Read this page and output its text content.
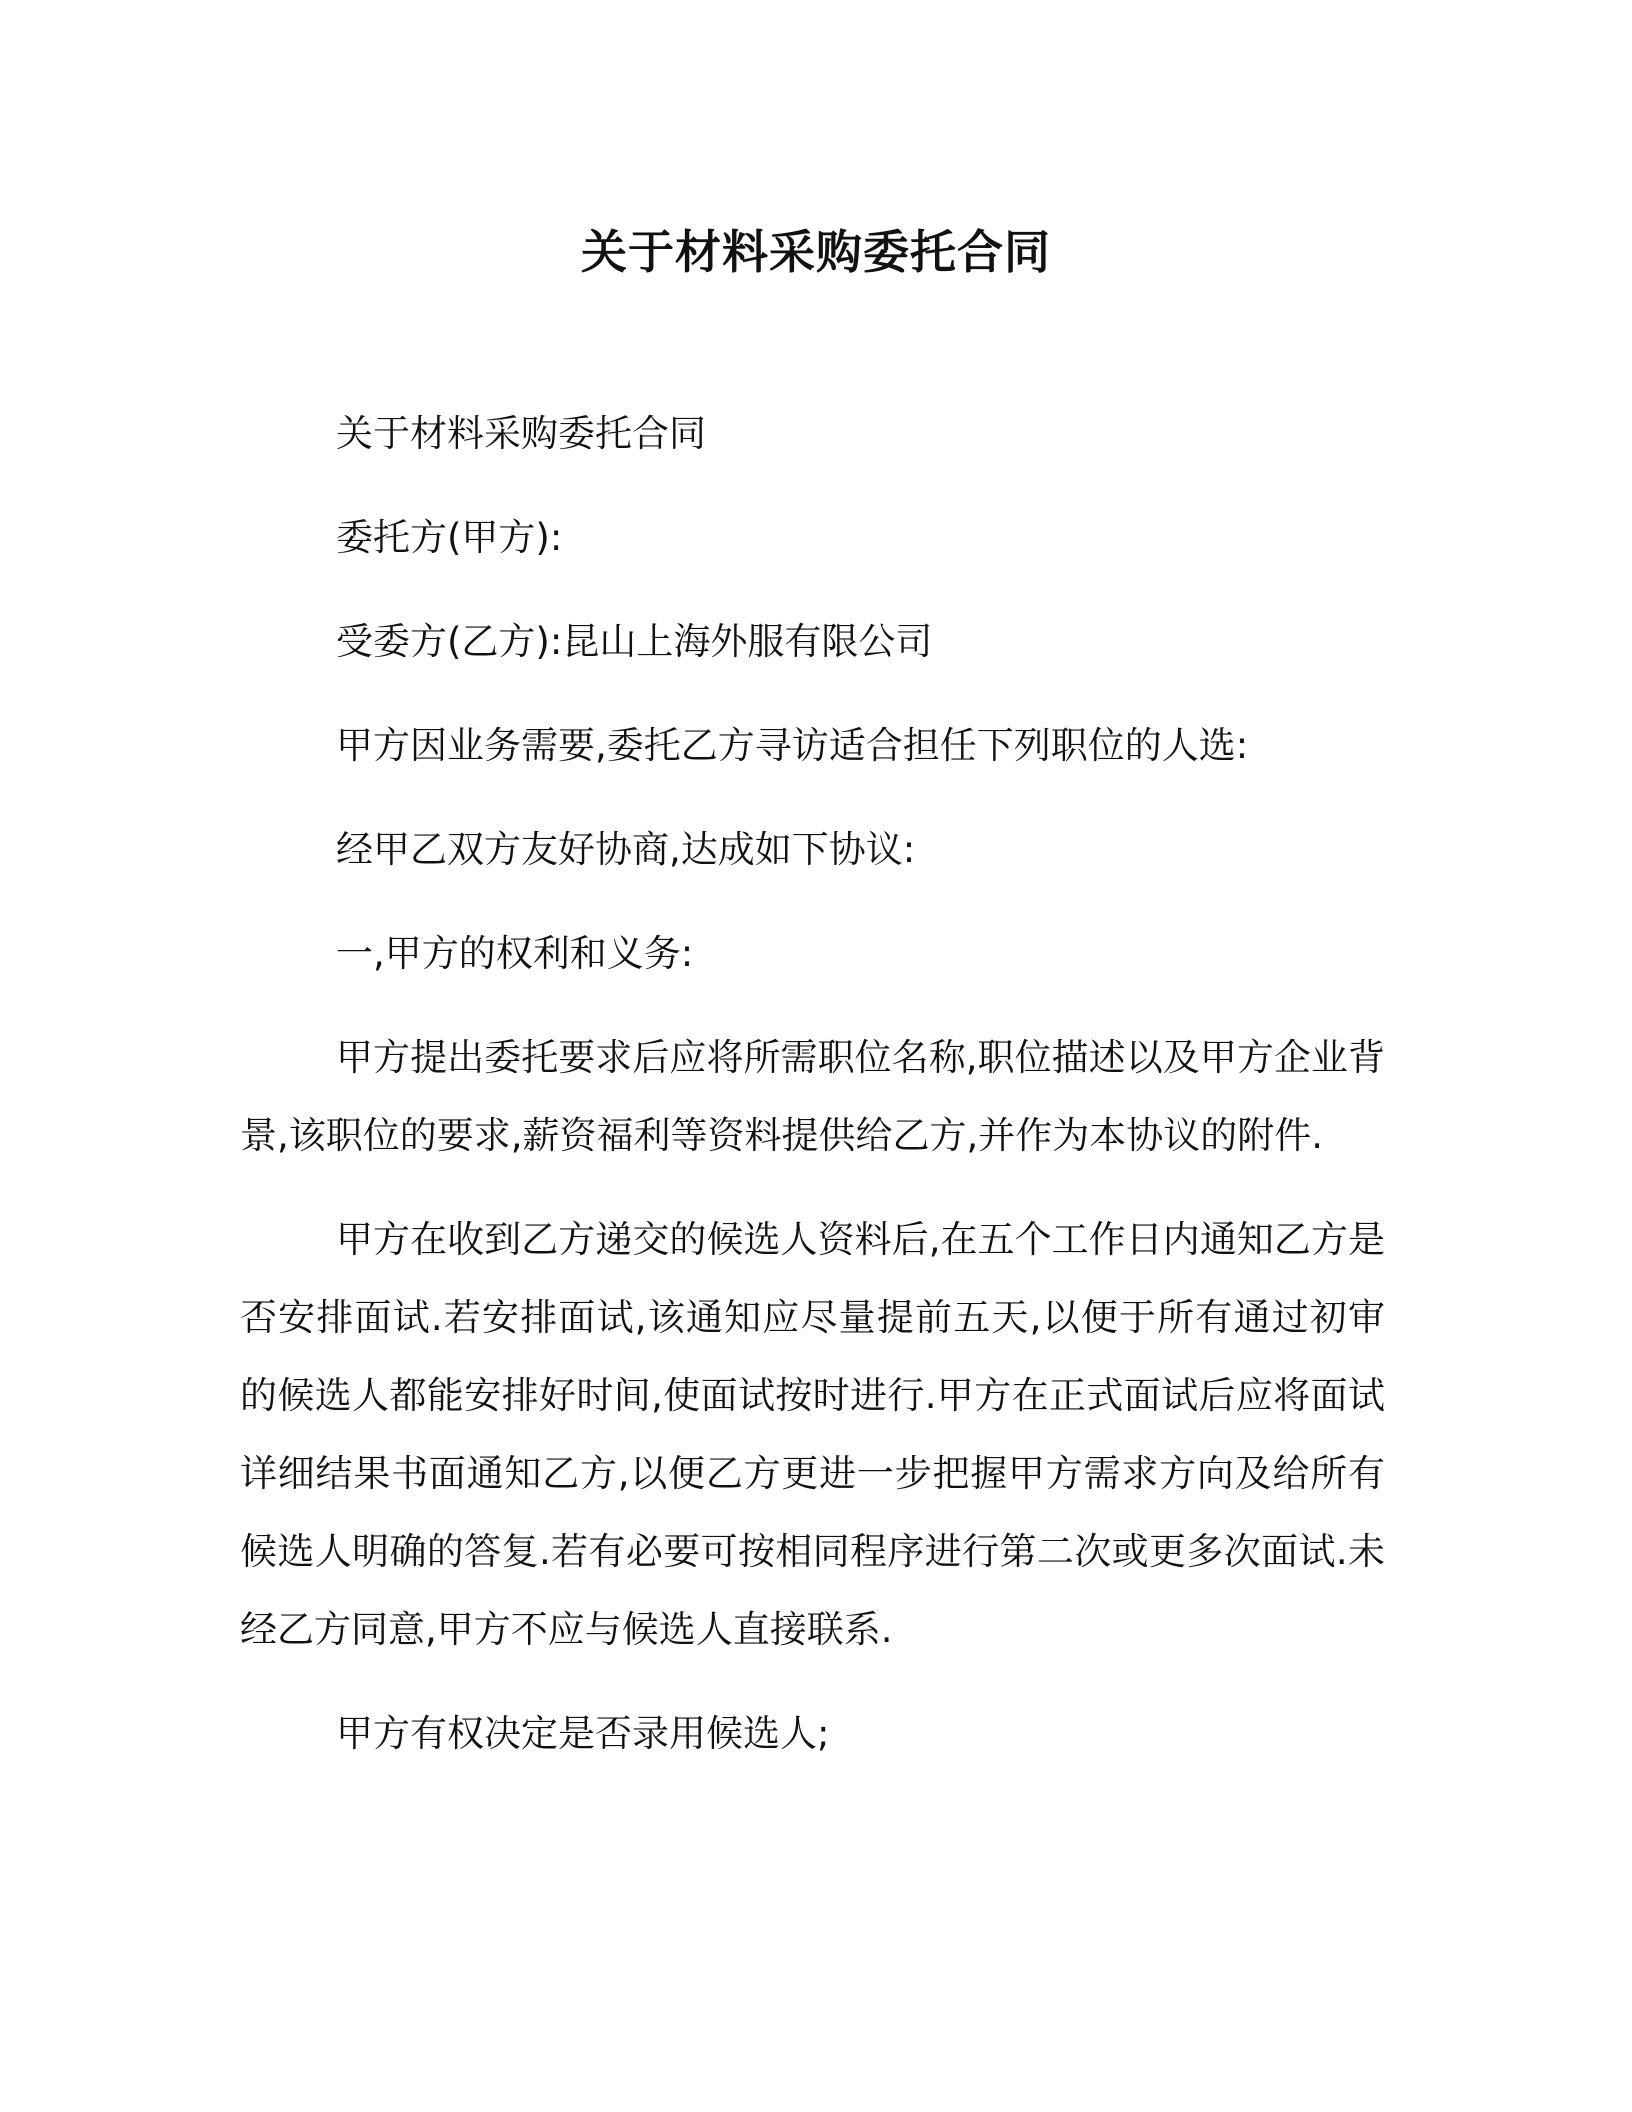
关于材料采购委托合同

关于材料采购委托合同

委托方(甲方):

受委方(乙方):昆山上海外服有限公司

甲方因业务需要,委托乙方寻访适合担任下列职位的人选:

经甲乙双方友好协商,达成如下协议:

一,甲方的权利和义务:

甲方提出委托要求后应将所需职位名称,职位描述以及甲方企业背景,该职位的要求,薪资福利等资料提供给乙方,并作为本协议的附件.

甲方在收到乙方递交的候选人资料后,在五个工作日内通知乙方是否安排面试.若安排面试,该通知应尽量提前五天,以便于所有通过初审的候选人都能安排好时间,使面试按时进行.甲方在正式面试后应将面试详细结果书面通知乙方,以便乙方更进一步把握甲方需求方向及给所有候选人明确的答复.若有必要可按相同程序进行第二次或更多次面试.未经乙方同意,甲方不应与候选人直接联系.

甲方有权决定是否录用候选人;
